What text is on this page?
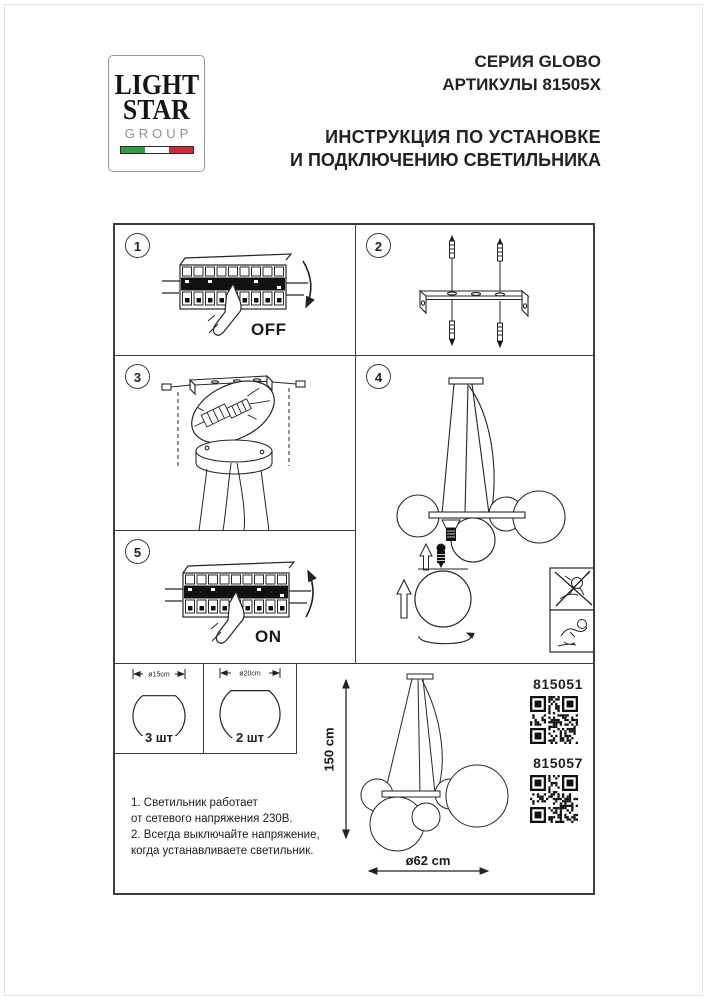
LIGHT
STAR
GROUP
СЕРИЯ GLOBO
АРТИКУЛЫ 81505X
ИНСТРУКЦИЯ ПО УСТАНОВКЕ
И ПОДКЛЮЧЕНИЮ СВЕТИЛЬНИКА
1
OFF
2
3	4
5
ON
ø15cm
3 шт
ø20cm
2 шт
1. Светильник работает
от сетевого напряжения 230В.
2. Всегда выключайте напряжение,
когда устанавливаете светильник.
150 cm
ø62 cm
815051
815057
